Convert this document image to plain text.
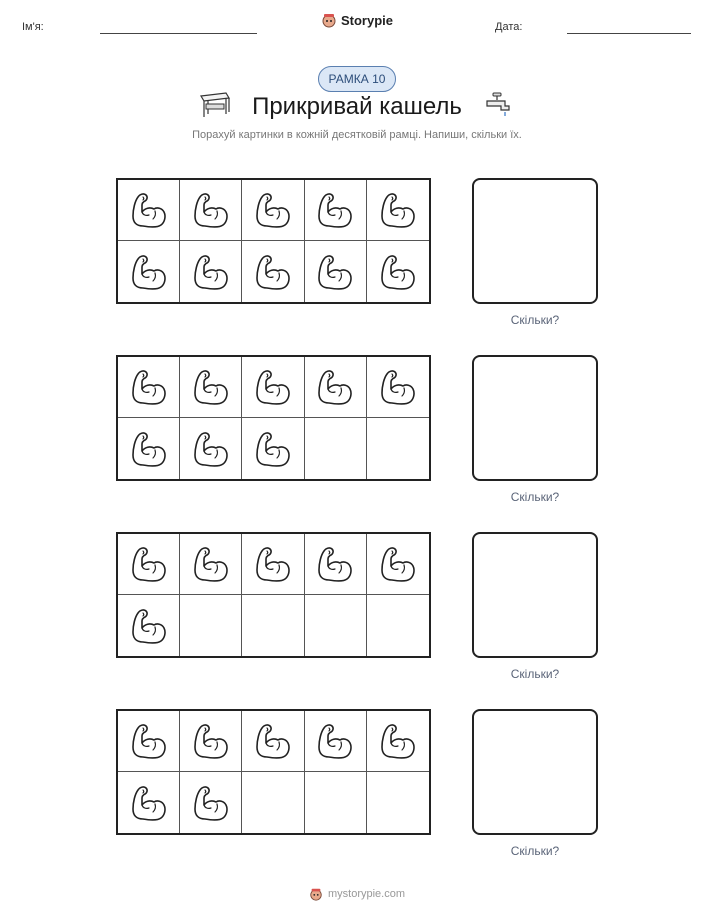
Ім'я:	Storypie	Дата:
РАМКА 10
Прикривай кашель
Порахуй картинки в кожній десятковій рамці. Напиши, скільки їх.
Скільки?
Скільки?
Скільки?
Скільки?
mystorypie.com
